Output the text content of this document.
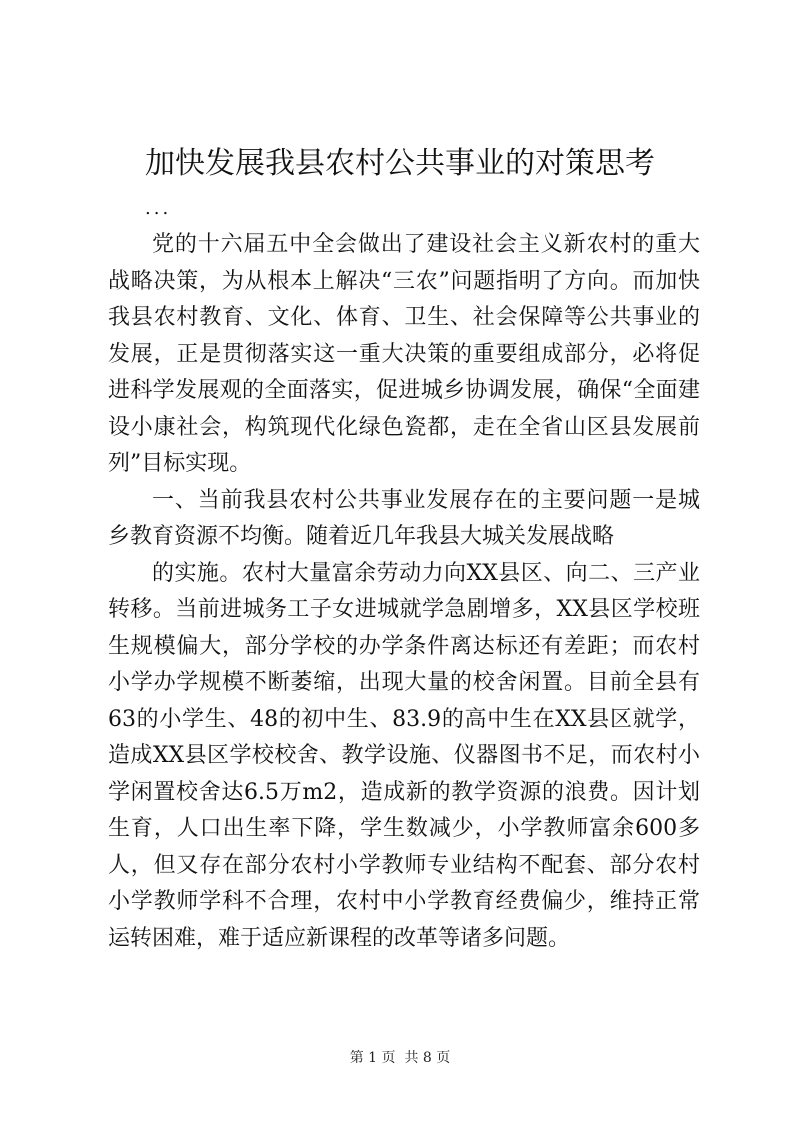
加快发展我县农村公共事业的对策思考
...

党的十六届五中全会做出了建设社会主义新农村的重大战略决策，为从根本上解决“三农”问题指明了方向。而加快我县农村教育、文化、体育、卫生、社会保障等公共事业的发展，正是贯彻落实这一重大决策的重要组成部分，必将促进科学发展观的全面落实，促进城乡协调发展，确保“全面建设小康社会，构筑现代化绿色瓷都，走在全省山区县发展前列”目标实现。

一、当前我县农村公共事业发展存在的主要问题一是城乡教育资源不均衡。随着近几年我县大城关发展战略

的实施。农村大量富余劳动力向XX县区、向二、三产业转移。当前进城务工子女进城就学急剧增多，XX县区学校班生规模偏大，部分学校的办学条件离达标还有差距；而农村小学办学规模不断萎缩，出现大量的校舍闲置。目前全县有63的小学生、48的初中生、83.9的高中生在XX县区就学，造成XX县区学校校舍、教学设施、仪器图书不足，而农村小学闲置校舍达6.5万m2，造成新的教学资源的浪费。因计划生育，人口出生率下降，学生数减少，小学教师富余600多人，但又存在部分农村小学教师专业结构不配套、部分农村小学教师学科不合理，农村中小学教育经费偏少，维持正常运转困难，难于适应新课程的改革等诸多问题。

第 1 页  共 8 页
